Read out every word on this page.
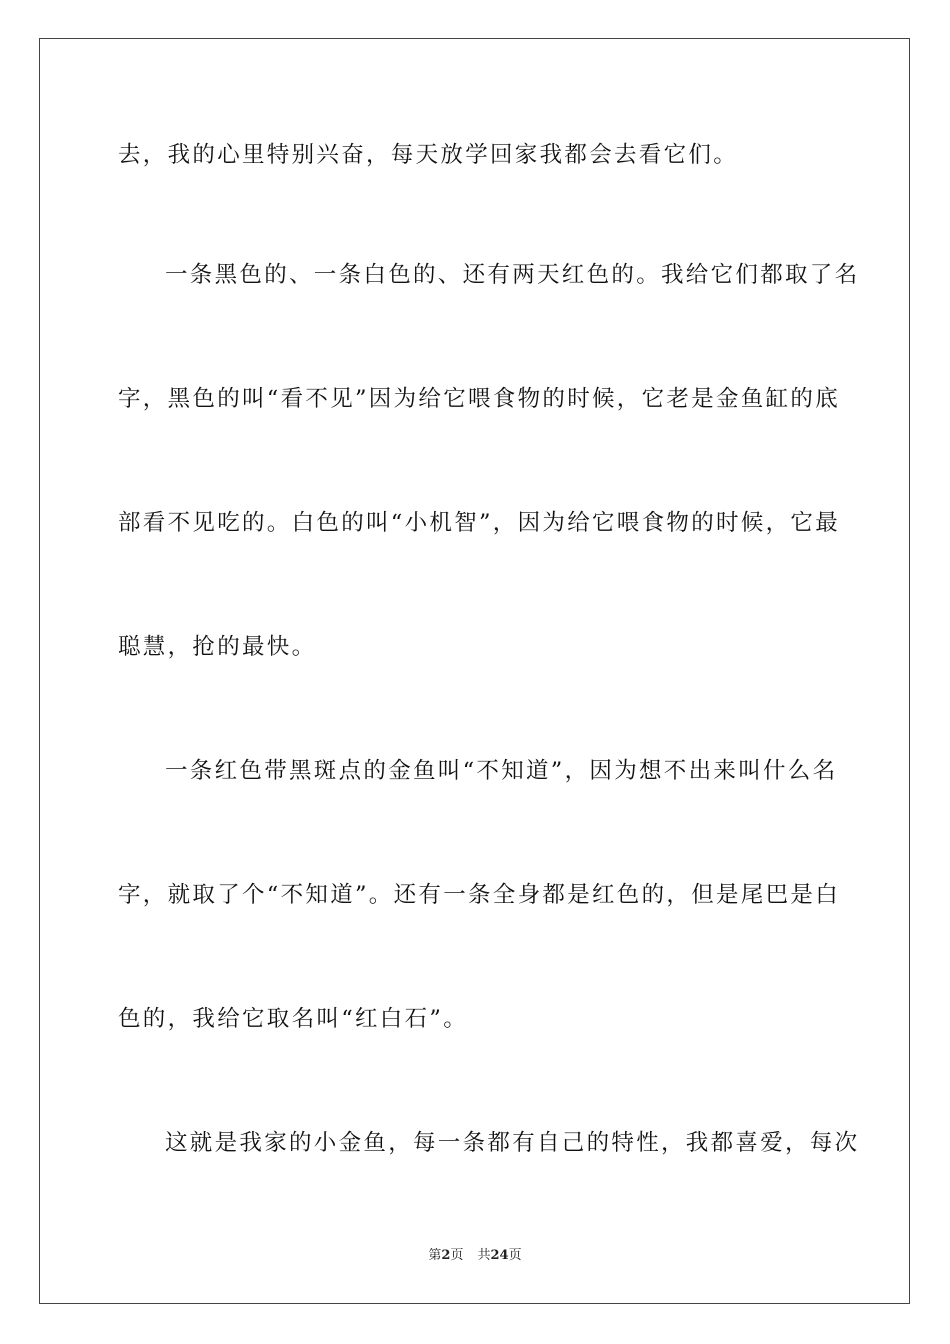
去，我的心里特别兴奋，每天放学回家我都会去看它们。
一条黑色的、一条白色的、还有两天红色的。我给它们都取了名
字，黑色的叫“看不见”因为给它喂食物的时候，它老是金鱼缸的底
部看不见吃的。白色的叫“小机智”，因为给它喂食物的时候，它最
聪慧，抢的最快。
一条红色带黑斑点的金鱼叫“不知道”，因为想不出来叫什么名
字，就取了个“不知道”。还有一条全身都是红色的，但是尾巴是白
色的，我给它取名叫“红白石”。
这就是我家的小金鱼，每一条都有自己的特性，我都喜爱，每次
第2页 共24页
